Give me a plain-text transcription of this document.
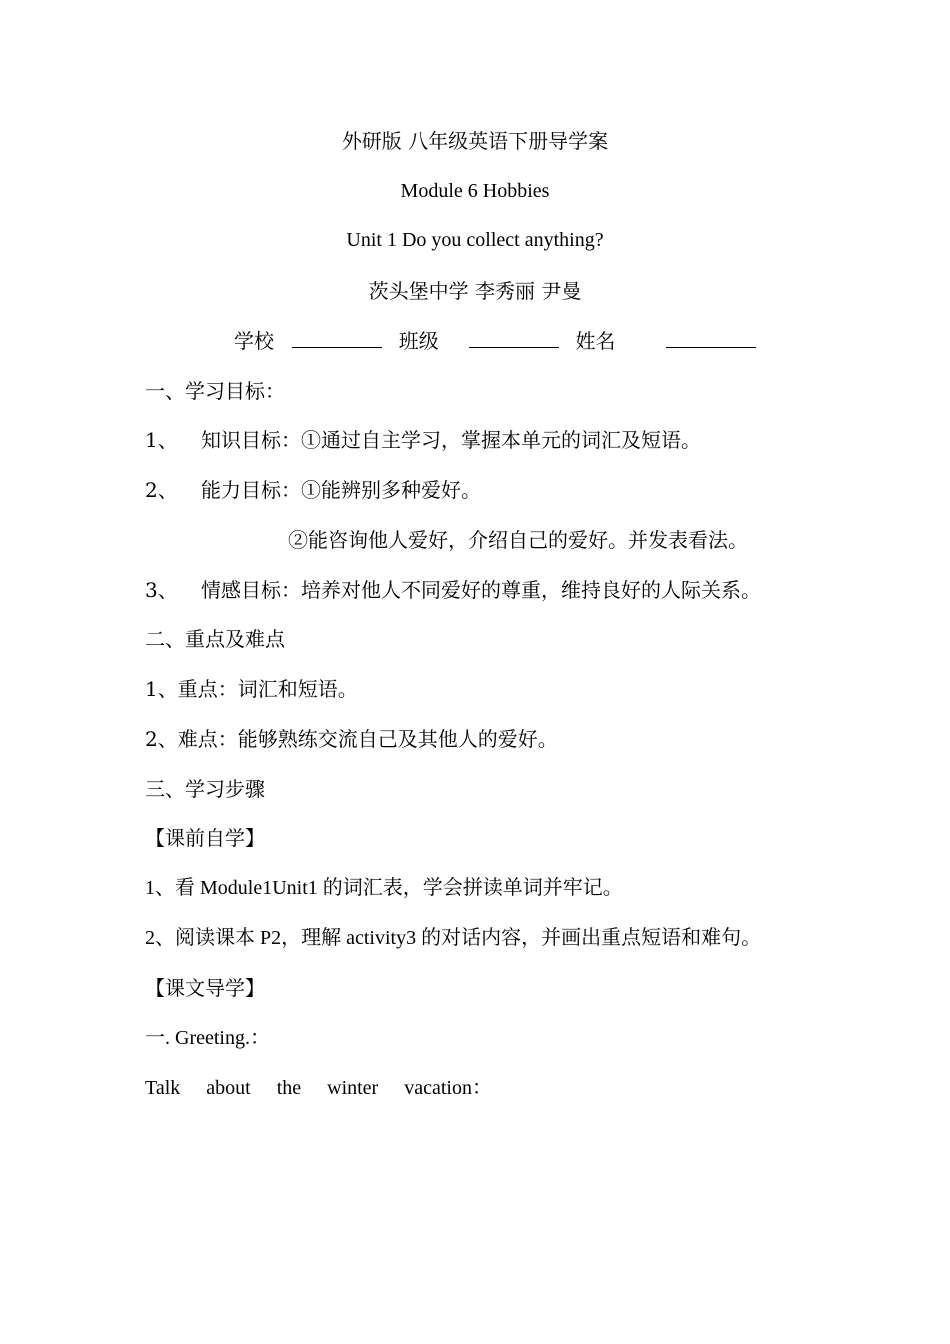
外研版 八年级英语下册导学案
Module 6 Hobbies
Unit 1 Do you collect anything?
茨头堡中学 李秀丽 尹曼
学校	班级	姓名
一、学习目标：
1、 知识目标：①通过自主学习，掌握本单元的词汇及短语。
2、 能力目标：①能辨别多种爱好。
②能咨询他人爱好，介绍自己的爱好。并发表看法。
3、 情感目标：培养对他人不同爱好的尊重，维持良好的人际关系。
二、重点及难点
1、重点：词汇和短语。
2、难点：能够熟练交流自己及其他人的爱好。
三、学习步骤
【课前自学】
1、看 Module1Unit1 的词汇表，学会拼读单词并牢记。
2、阅读课本 P2，理解 activity3 的对话内容，并画出重点短语和难句。
【课文导学】
一. Greeting.：
Talk  about  the  winter  vacation：
